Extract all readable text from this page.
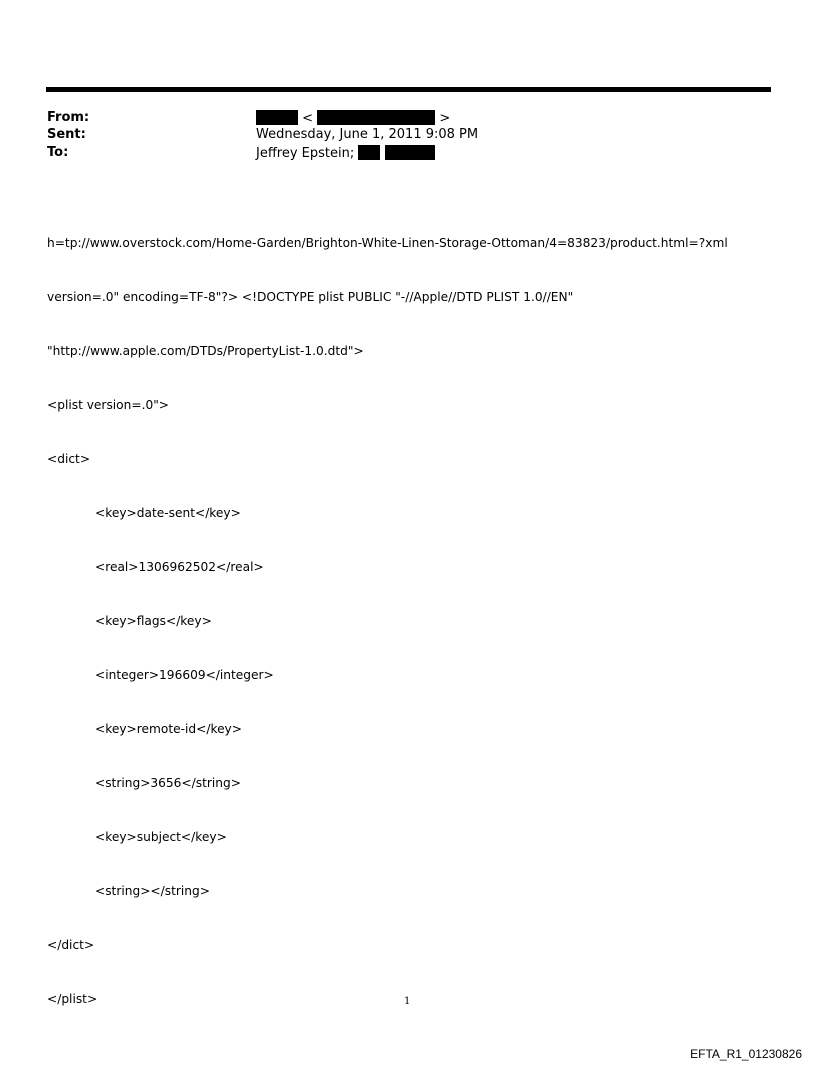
From:	<	>
Sent:	Wednesday, June 1, 2011 9:08 PM
To:	Jeffrey Epstein;

h=tp://www.overstock.com/Home-Garden/Brighton-White-Linen-Storage-Ottoman/4=83823/product.html=?xml

version=.0" encoding=TF-8"?> <!DOCTYPE plist PUBLIC "-//Apple//DTD PLIST 1.0//EN"

"http://www.apple.com/DTDs/PropertyList-1.0.dtd">

<plist version=.0">

<dict>

<key>date-sent</key>

<real>1306962502</real>

<key>flags</key>

<integer>196609</integer>

<key>remote-id</key>

<string>3656</string>

<key>subject</key>

<string></string>

</dict>

</plist>	1
EFTA_R1_01230826
